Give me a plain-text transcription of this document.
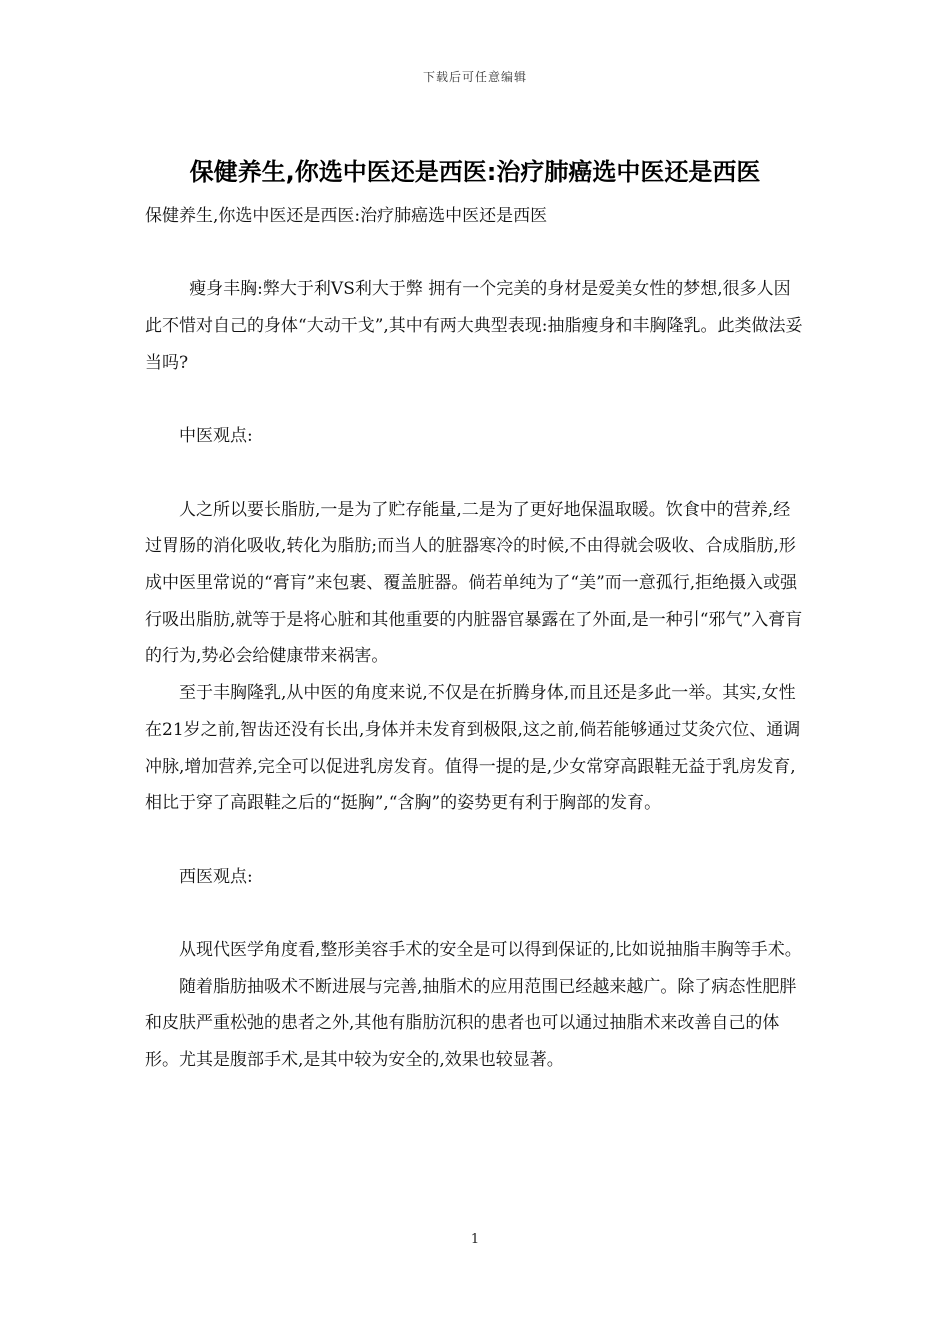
下载后可任意编辑
保健养生,你选中医还是西医:治疗肺癌选中医还是西医

保健养生,你选中医还是西医:治疗肺癌选中医还是西医

瘦身丰胸:弊大于利VS利大于弊 拥有一个完美的身材是爱美女性的梦想,很多人因此不惜对自己的身体“大动干戈”,其中有两大典型表现:抽脂瘦身和丰胸隆乳。此类做法妥当吗?

中医观点:

人之所以要长脂肪,一是为了贮存能量,二是为了更好地保温取暖。饮食中的营养,经过胃肠的消化吸收,转化为脂肪;而当人的脏器寒冷的时候,不由得就会吸收、合成脂肪,形成中医里常说的“膏肓”来包裹、覆盖脏器。倘若单纯为了“美”而一意孤行,拒绝摄入或强行吸出脂肪,就等于是将心脏和其他重要的内脏器官暴露在了外面,是一种引“邪气”入膏肓的行为,势必会给健康带来祸害。

至于丰胸隆乳,从中医的角度来说,不仅是在折腾身体,而且还是多此一举。其实,女性在21岁之前,智齿还没有长出,身体并未发育到极限,这之前,倘若能够通过艾灸穴位、通调冲脉,增加营养,完全可以促进乳房发育。值得一提的是,少女常穿高跟鞋无益于乳房发育,相比于穿了高跟鞋之后的“挺胸”,“含胸”的姿势更有利于胸部的发育。

西医观点:

从现代医学角度看,整形美容手术的安全是可以得到保证的,比如说抽脂丰胸等手术。

随着脂肪抽吸术不断进展与完善,抽脂术的应用范围已经越来越广。除了病态性肥胖和皮肤严重松弛的患者之外,其他有脂肪沉积的患者也可以通过抽脂术来改善自己的体形。尤其是腹部手术,是其中较为安全的,效果也较显著。

1
